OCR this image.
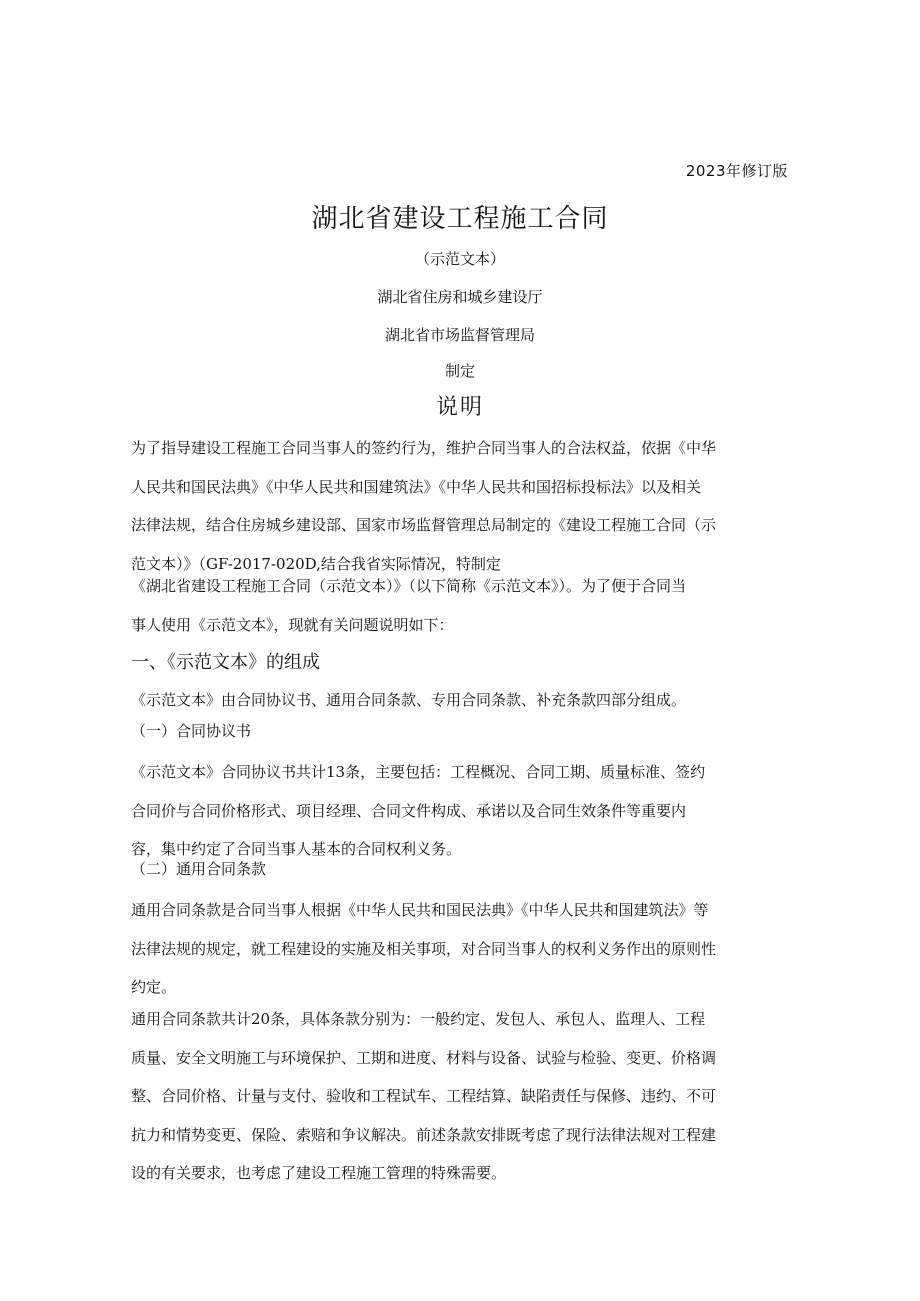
2023年修订版
湖北省建设工程施工合同
（示范文本）
湖北省住房和城乡建设厅
湖北省市场监督管理局
制定
说明
为了指导建设工程施工合同当事人的签约行为，维护合同当事人的合法权益，依据《中华
人民共和国民法典》《中华人民共和国建筑法》《中华人民共和国招标投标法》以及相关
法律法规，结合住房城乡建设部、国家市场监督管理总局制定的《建设工程施工合同（示
范文本）》（GF-2017-020D,结合我省实际情况，特制定
《湖北省建设工程施工合同（示范文本）》（以下简称《示范文本》）。为了便于合同当
事人使用《示范文本》，现就有关问题说明如下：
一、《示范文本》的组成
《示范文本》由合同协议书、通用合同条款、专用合同条款、补充条款四部分组成。
（一）合同协议书
《示范文本》合同协议书共计13条，主要包括：工程概况、合同工期、质量标准、签约
合同价与合同价格形式、项目经理、合同文件构成、承诺以及合同生效条件等重要内
容，集中约定了合同当事人基本的合同权利义务。
（二）通用合同条款
通用合同条款是合同当事人根据《中华人民共和国民法典》《中华人民共和国建筑法》等
法律法规的规定，就工程建设的实施及相关事项，对合同当事人的权利义务作出的原则性
约定。
通用合同条款共计20条，具体条款分别为：一般约定、发包人、承包人、监理人、工程
质量、安全文明施工与环境保护、工期和进度、材料与设备、试验与检验、变更、价格调
整、合同价格、计量与支付、验收和工程试车、工程结算、缺陷责任与保修、违约、不可
抗力和情势变更、保险、索赔和争议解决。前述条款安排既考虑了现行法律法规对工程建
设的有关要求，也考虑了建设工程施工管理的特殊需要。
